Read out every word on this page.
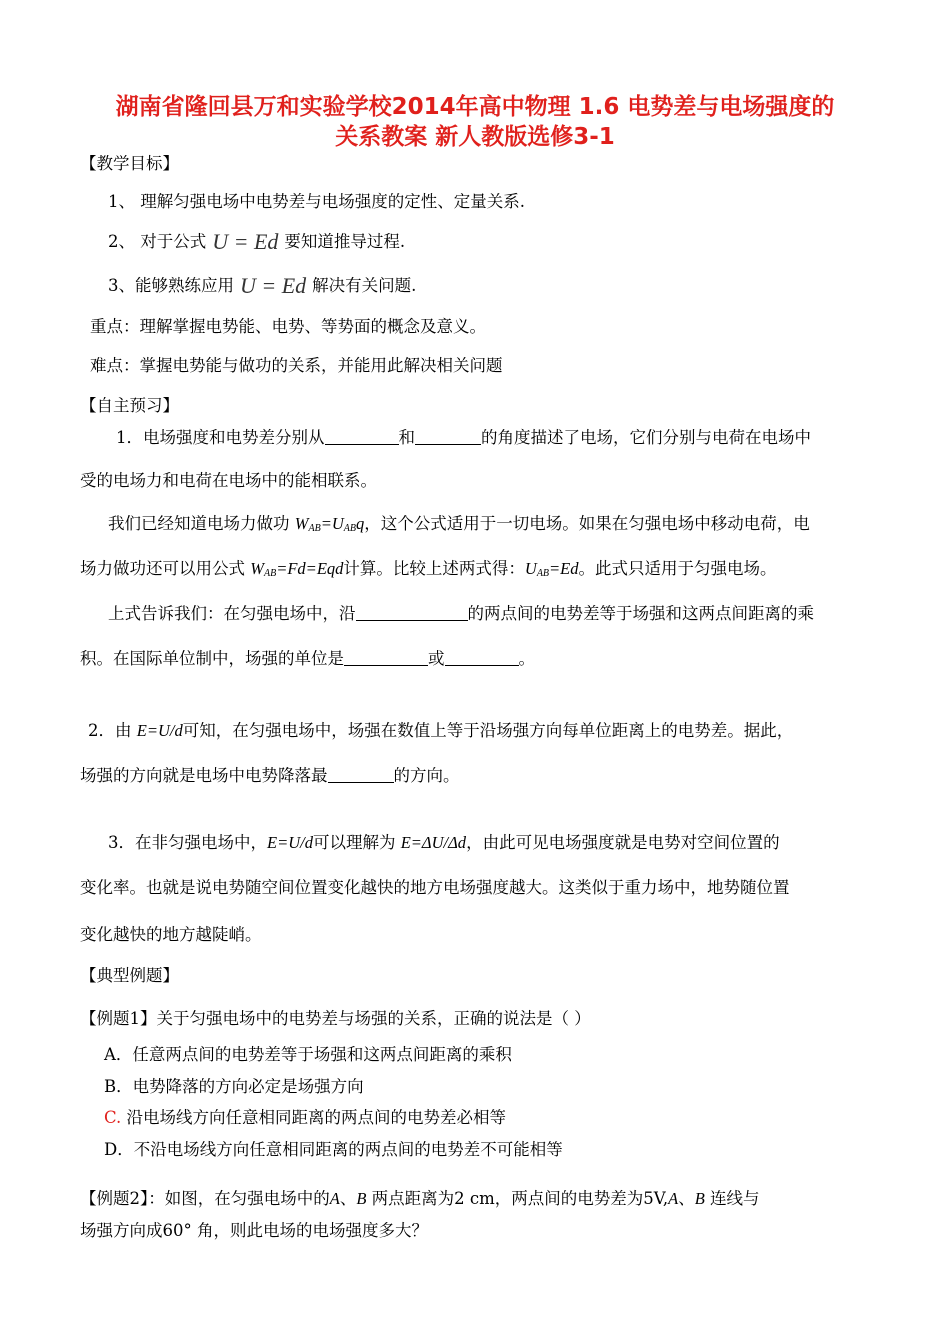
湖南省隆回县万和实验学校2014年高中物理 1.6 电势差与电场强度的
关系教案 新人教版选修3-1
【教学目标】
1、 理解匀强电场中电势差与电场强度的定性、定量关系.
2、 对于公式 U = Ed 要知道推导过程.
3、能够熟练应用 U = Ed 解决有关问题.
重点：理解掌握电势能、电势、等势面的概念及意义。
难点：掌握电势能与做功的关系，并能用此解决相关问题
【自主预习】
1．电场强度和电势差分别从	和	的角度描述了电场，它们分别与电荷在电场中
受的电场力和电荷在电场中的能相联系。
我们已经知道电场力做功 $W_{AB}=U_{AB}q$，这个公式适用于一切电场。如果在匀强电场中移动电荷，电
场力做功还可以用公式 $W_{AB}=Fd=Eqd$计算。比较上述两式得：$U_{AB}=Ed$。此式只适用于匀强电场。
上式告诉我们：在匀强电场中，沿	的两点间的电势差等于场强和这两点间距离的乘
积。在国际单位制中，场强的单位是	或	。
2．由 E=U/d可知，在匀强电场中，场强在数值上等于沿场强方向每单位距离上的电势差。据此，
场强的方向就是电场中电势降落最	的方向。
3．在非匀强电场中，E=U/d可以理解为 E=ΔU/Δd，由此可见电场强度就是电势对空间位置的
变化率。也就是说电势随空间位置变化越快的地方电场强度越大。这类似于重力场中，地势随位置
变化越快的地方越陡峭。
【典型例题】
【例题1】关于匀强电场中的电势差与场强的关系，正确的说法是（ ）
A．任意两点间的电势差等于场强和这两点间距离的乘积
B．电势降落的方向必定是场强方向
C. 沿电场线方向任意相同距离的两点间的电势差必相等
D．不沿电场线方向任意相同距离的两点间的电势差不可能相等
【例题2】：如图，在匀强电场中的A、B 两点距离为2 cm，两点间的电势差为5V,A、B 连线与
场强方向成60° 角，则此电场的电场强度多大？
